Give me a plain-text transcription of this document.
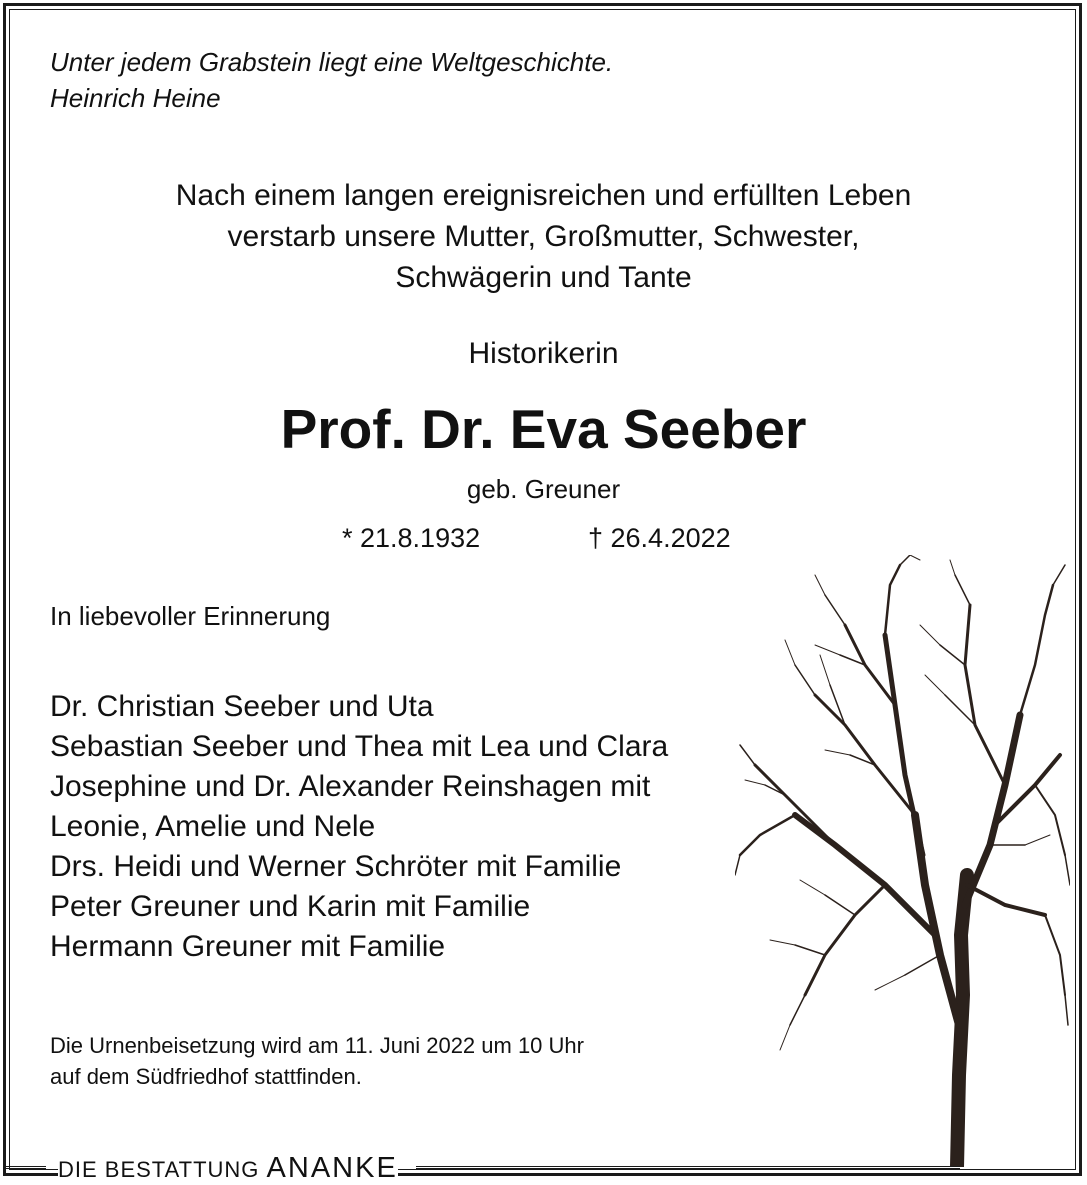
Unter jedem Grabstein liegt eine Weltgeschichte.
Heinrich Heine
Nach einem langen ereignisreichen und erfüllten Leben
verstarb unsere Mutter, Großmutter, Schwester,
Schwägerin und Tante
Historikerin
Prof. Dr. Eva Seeber
geb. Greuner
* 21.8.1932	† 26.4.2022
In liebevoller Erinnerung
Dr. Christian Seeber und Uta
Sebastian Seeber und Thea mit Lea und Clara
Josephine und Dr. Alexander Reinshagen mit
Leonie, Amelie und Nele
Drs. Heidi und Werner Schröter mit Familie
Peter Greuner und Karin mit Familie
Hermann Greuner mit Familie
Die Urnenbeisetzung wird am 11. Juni 2022 um 10 Uhr
auf dem Südfriedhof stattfinden.
DIE BESTATTUNG ANANKE
